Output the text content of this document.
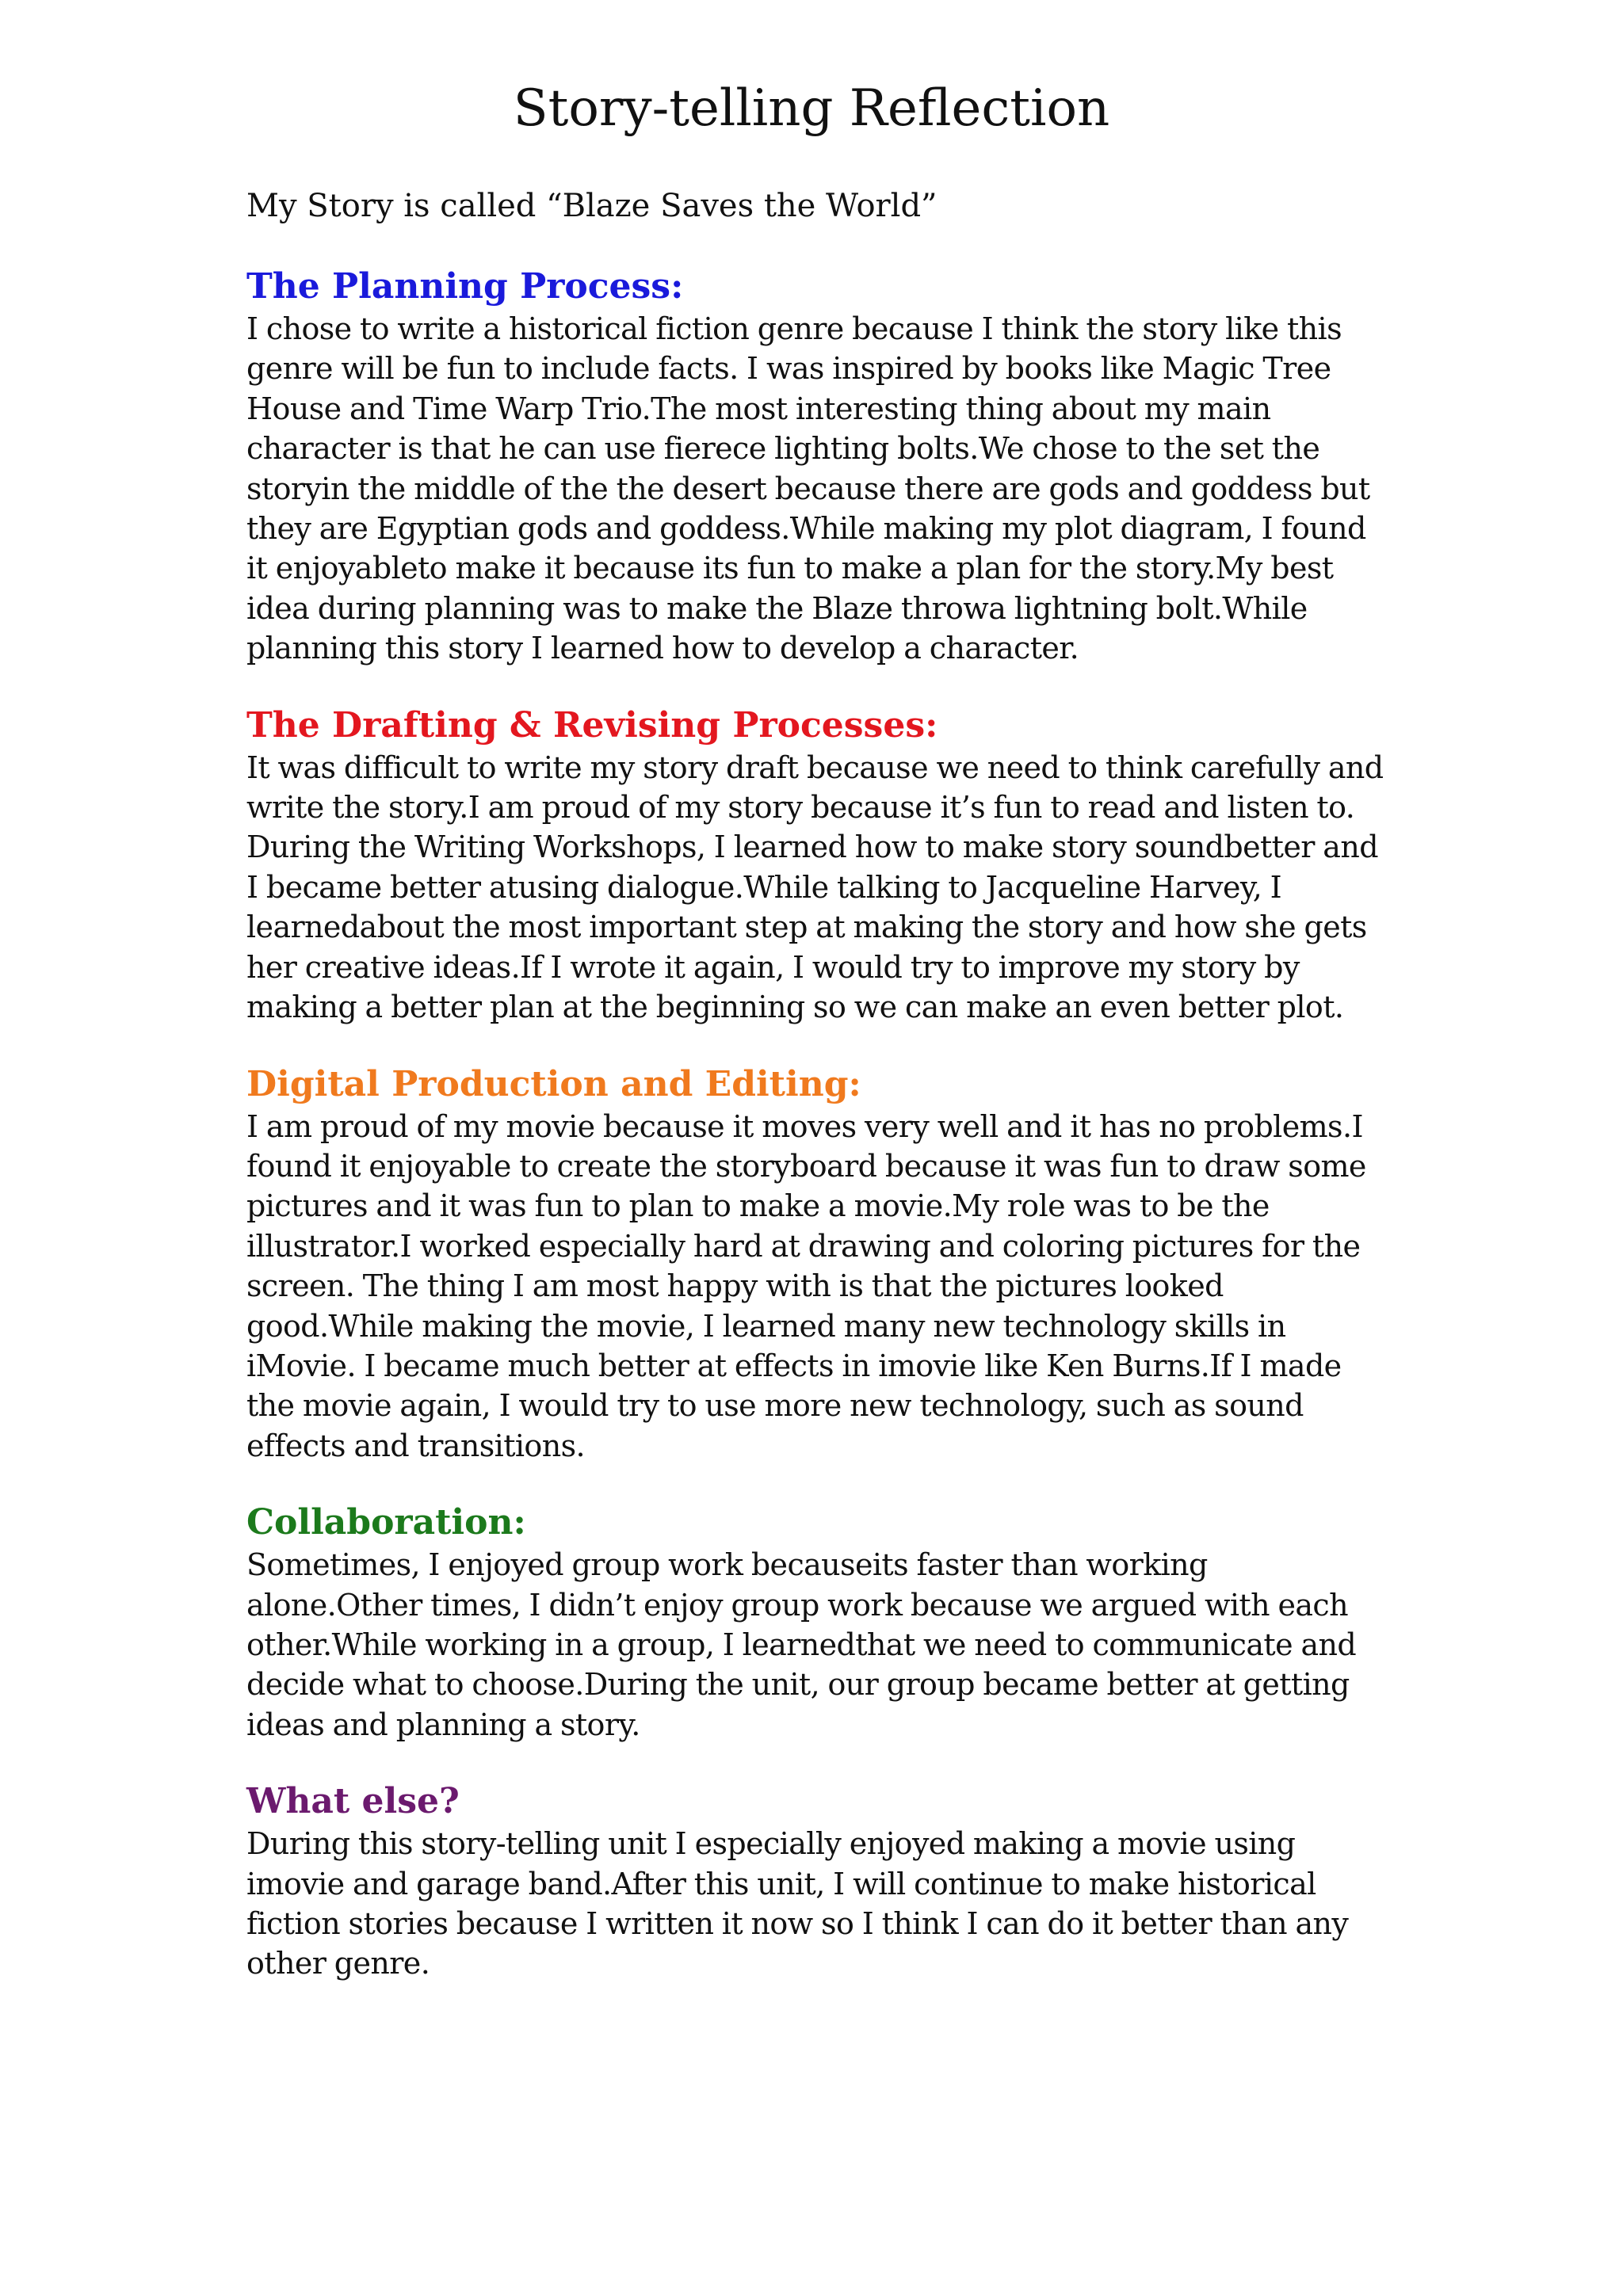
Story-telling Reflection

My Story is called “Blaze Saves the World”

The Planning Process:

I chose to write a historical fiction genre because I think the story like this genre will be fun to include facts. I was inspired by books like Magic Tree House and Time Warp Trio.The most interesting thing about my main character is that he can use fierece lighting bolts.We chose to the set the storyin the middle of the the desert because there are gods and goddess but they are Egyptian gods and goddess.While making my plot diagram, I found it enjoyableto make it because its fun to make a plan for the story.My best idea during planning was to make the Blaze throwa lightning bolt.While planning this story I learned how to develop a character.

The Drafting & Revising Processes:

It was difficult to write my story draft because we need to think carefully and write the story.I am proud of my story because it’s fun to read and listen to. During the Writing Workshops, I learned how to make story soundbetter and I became better atusing dialogue.While talking to Jacqueline Harvey, I learnedabout the most important step at making the story and how she gets her creative ideas.If I wrote it again, I would try to improve my story by making a better plan at the beginning so we can make an even better plot.

Digital Production and Editing:

I am proud of my movie because it moves very well and it has no problems.I found it enjoyable to create the storyboard because it was fun to draw some pictures and it was fun to plan to make a movie.My role was to be the illustrator.I worked especially hard at drawing and coloring pictures for the screen. The thing I am most happy with is that the pictures looked good.While making the movie, I learned many new technology skills in iMovie. I became much better at effects in imovie like Ken Burns.If I made the movie again, I would try to use more new technology, such as sound effects and transitions.

Collaboration:

Sometimes, I enjoyed group work becauseits faster than working alone.Other times, I didn’t enjoy group work because we argued with each other.While working in a group, I learnedthat we need to communicate and decide what to choose.During the unit, our group became better at getting ideas and planning a story.

What else?

During this story-telling unit I especially enjoyed making a movie using imovie and garage band.After this unit, I will continue to make historical fiction stories because I written it now so I think I can do it better than any other genre.
